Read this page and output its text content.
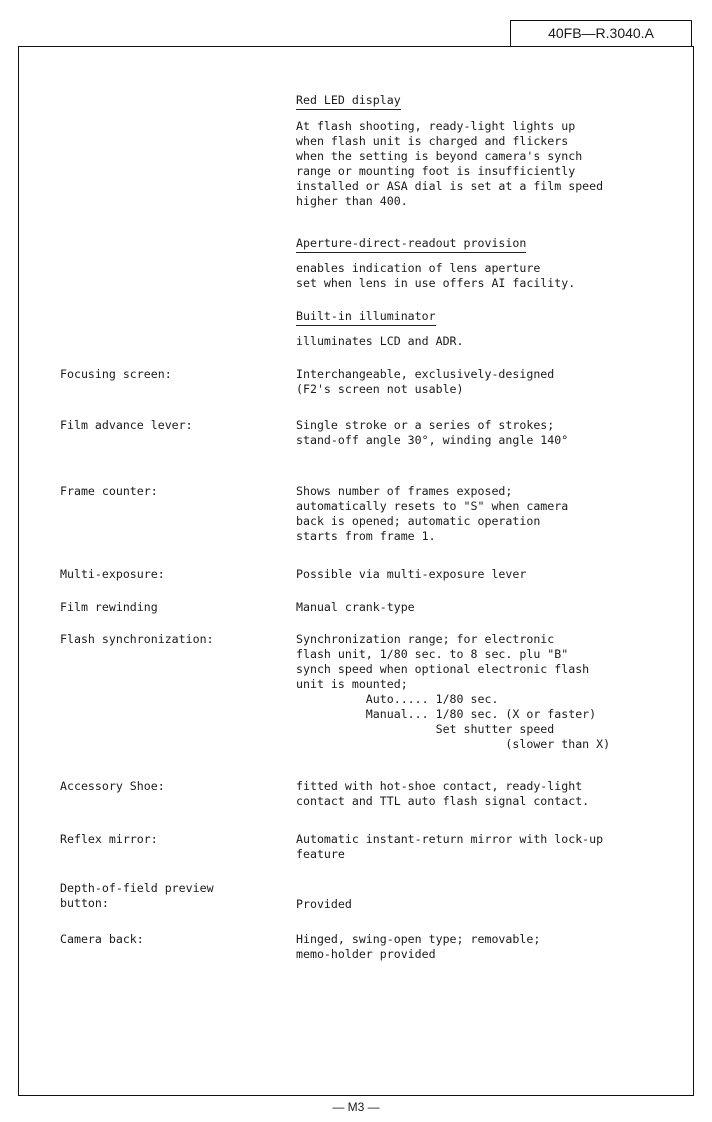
40FB—R.3040.A
Red LED display
At flash shooting, ready-light lights up
when flash unit is charged and flickers
when the setting is beyond camera's synch
range or mounting foot is insufficiently
installed or ASA dial is set at a film speed
higher than 400.
Aperture-direct-readout provision
enables indication of lens aperture
set when lens in use offers AI facility.
Built-in illuminator
illuminates LCD and ADR.
Focusing screen:	Interchangeable, exclusively-designed
(F2's screen not usable)
Film advance lever:	Single stroke or a series of strokes;
stand-off angle 30°, winding angle 140°
Frame counter:	Shows number of frames exposed;
automatically resets to "S" when camera
back is opened; automatic operation
starts from frame 1.
Multi-exposure:	Possible via multi-exposure lever
Film rewinding	Manual crank-type
Flash synchronization:	Synchronization range; for electronic
flash unit, 1/80 sec. to 8 sec. plu "B"
synch speed when optional electronic flash
unit is mounted;
Auto..... 1/80 sec.
Manual... 1/80 sec. (X or faster)
Set shutter speed
(slower than X)
Accessory Shoe:	fitted with hot-shoe contact, ready-light
contact and TTL auto flash signal contact.
Reflex mirror:	Automatic instant-return mirror with lock-up
feature
Depth-of-field preview
button:	Provided
Camera back:	Hinged, swing-open type; removable;
memo-holder provided
— M3 —
